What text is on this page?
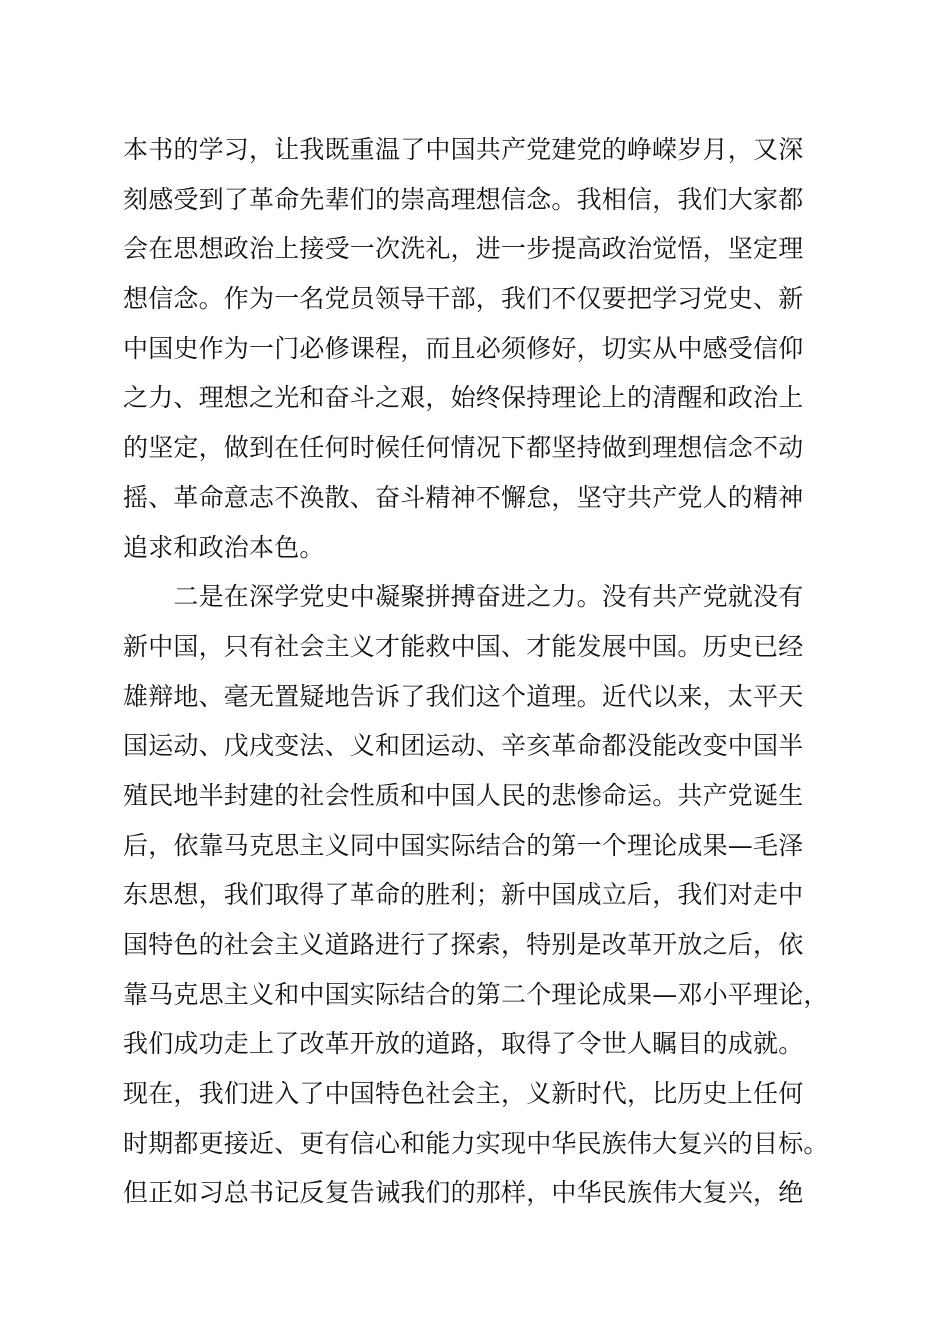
本书的学习，让我既重温了中国共产党建党的峥嵘岁月，又深
刻感受到了革命先辈们的崇高理想信念。我相信，我们大家都
会在思想政治上接受一次洗礼，进一步提高政治觉悟，坚定理
想信念。作为一名党员领导干部，我们不仅要把学习党史、新
中国史作为一门必修课程，而且必须修好，切实从中感受信仰
之力、理想之光和奋斗之艰，始终保持理论上的清醒和政治上
的坚定，做到在任何时候任何情况下都坚持做到理想信念不动
摇、革命意志不涣散、奋斗精神不懈怠，坚守共产党人的精神
追求和政治本色。
　　二是在深学党史中凝聚拼搏奋进之力。没有共产党就没有
新中国，只有社会主义才能救中国、才能发展中国。历史已经
雄辩地、毫无置疑地告诉了我们这个道理。近代以来，太平天
国运动、戊戌变法、义和团运动、辛亥革命都没能改变中国半
殖民地半封建的社会性质和中国人民的悲惨命运。共产党诞生
后，依靠马克思主义同中国实际结合的第一个理论成果—毛泽
东思想，我们取得了革命的胜利；新中国成立后，我们对走中
国特色的社会主义道路进行了探索，特别是改革开放之后，依
靠马克思主义和中国实际结合的第二个理论成果—邓小平理论，
我们成功走上了改革开放的道路，取得了令世人瞩目的成就。
现在，我们进入了中国特色社会主，义新时代，比历史上任何
时期都更接近、更有信心和能力实现中华民族伟大复兴的目标。
但正如习总书记反复告诫我们的那样，中华民族伟大复兴，绝
